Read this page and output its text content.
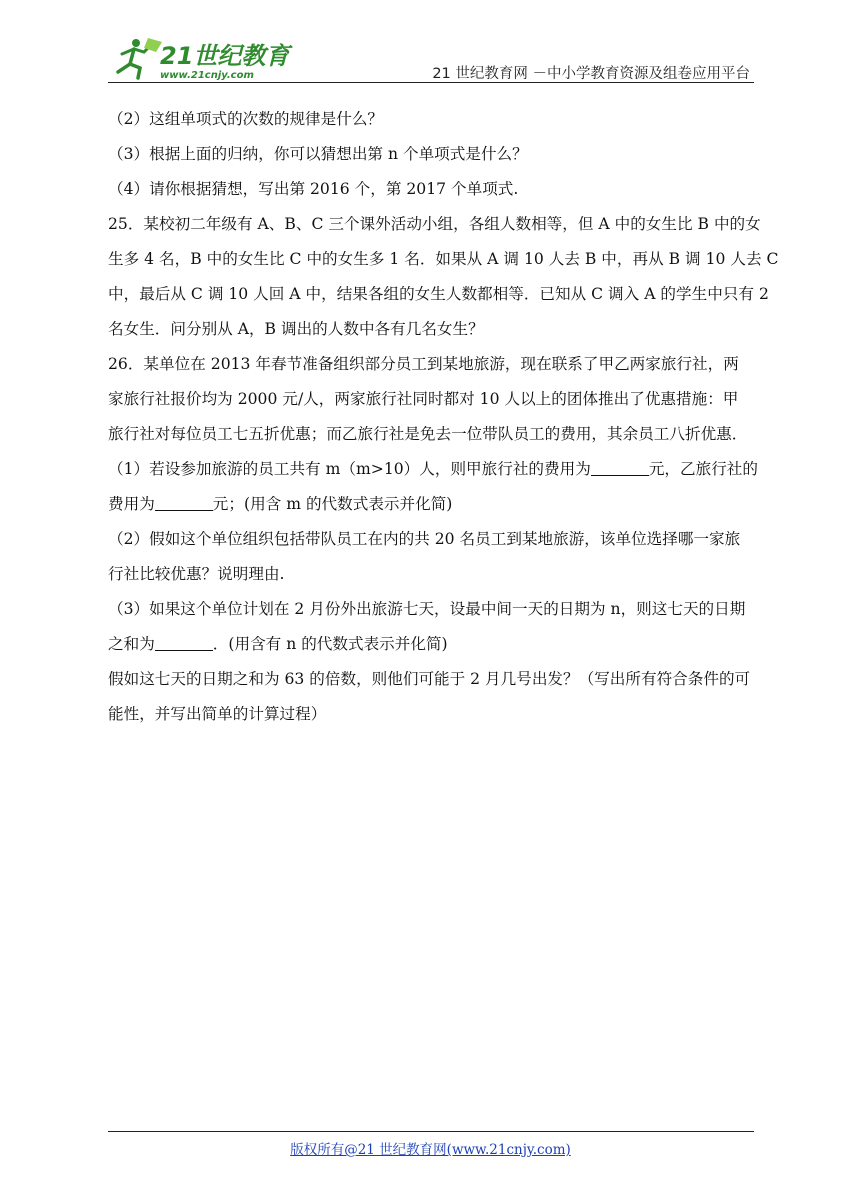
21世纪教育
www.21cnjy.com	21 世纪教育网 －中小学教育资源及组卷应用平台

（2）这组单项式的次数的规律是什么？

（3）根据上面的归纳，你可以猜想出第 n 个单项式是什么？

（4）请你根据猜想，写出第 2016 个，第 2017 个单项式.

25．某校初二年级有 A、B、C 三个课外活动小组，各组人数相等，但 A 中的女生比 B 中的女

生多 4 名，B 中的女生比 C 中的女生多 1 名．如果从 A 调 10 人去 B 中，再从 B 调 10 人去 C

中，最后从 C 调 10 人回 A 中，结果各组的女生人数都相等．已知从 C 调入 A 的学生中只有 2

名女生．问分别从 A，B 调出的人数中各有几名女生？

26．某单位在 2013 年春节准备组织部分员工到某地旅游，现在联系了甲乙两家旅行社，两

家旅行社报价均为 2000 元/人，两家旅行社同时都对 10 人以上的团体推出了优惠措施：甲

旅行社对每位员工七五折优惠；而乙旅行社是免去一位带队员工的费用，其余员工八折优惠．

（1）若设参加旅游的员工共有 m（m>10）人，则甲旅行社的费用为	元，乙旅行社的

费用为	元；(用含 m 的代数式表示并化简)

（2）假如这个单位组织包括带队员工在内的共 20 名员工到某地旅游，该单位选择哪一家旅

行社比较优惠？说明理由.

（3）如果这个单位计划在 2 月份外出旅游七天，设最中间一天的日期为 n，则这七天的日期

之和为	．(用含有 n 的代数式表示并化简)

假如这七天的日期之和为 63 的倍数，则他们可能于 2 月几号出发？（写出所有符合条件的可

能性，并写出简单的计算过程）

版权所有@21 世纪教育网(www.21cnjy.com)
